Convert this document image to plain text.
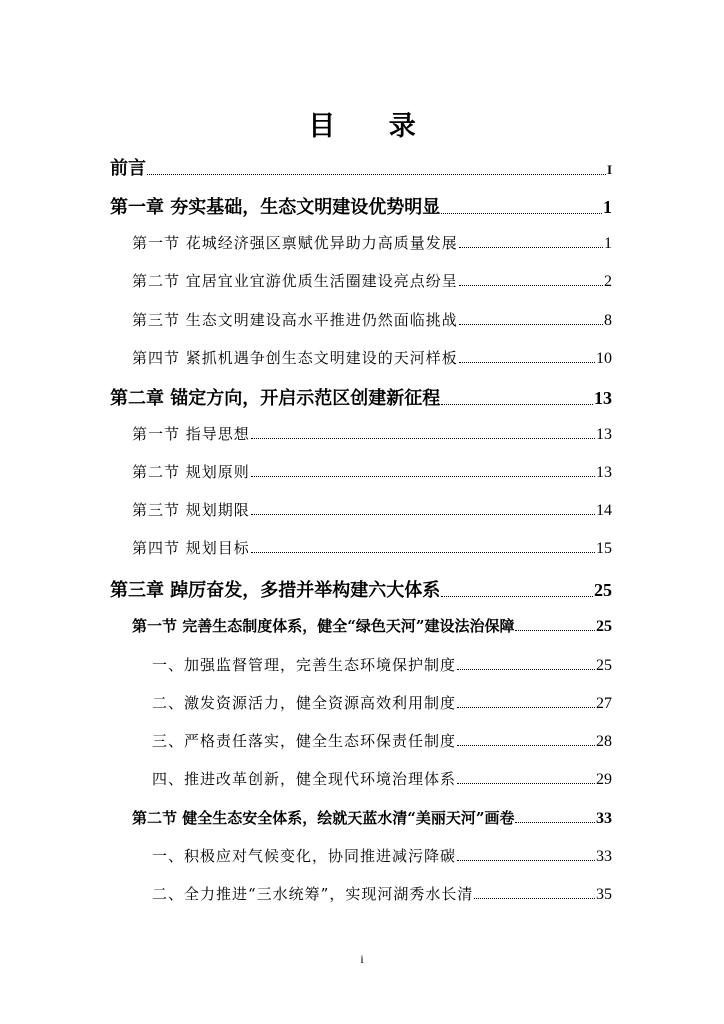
目 录
前言	I
第一章 夯实基础，生态文明建设优势明显	1
第一节 花城经济强区禀赋优异助力高质量发展	1
第二节 宜居宜业宜游优质生活圈建设亮点纷呈	2
第三节 生态文明建设高水平推进仍然面临挑战	8
第四节 紧抓机遇争创生态文明建设的天河样板	10
第二章 锚定方向，开启示范区创建新征程	13
第一节 指导思想	13
第二节 规划原则	13
第三节 规划期限	14
第四节 规划目标	15
第三章 踔厉奋发，多措并举构建六大体系	25
第一节 完善生态制度体系，健全“绿色天河”建设法治保障	25
一、加强监督管理，完善生态环境保护制度	25
二、激发资源活力，健全资源高效利用制度	27
三、严格责任落实，健全生态环保责任制度	28
四、推进改革创新，健全现代环境治理体系	29
第二节 健全生态安全体系，绘就天蓝水清“美丽天河”画卷	33
一、积极应对气候变化，协同推进减污降碳	33
二、全力推进“三水统筹”，实现河湖秀水长清	35
i
